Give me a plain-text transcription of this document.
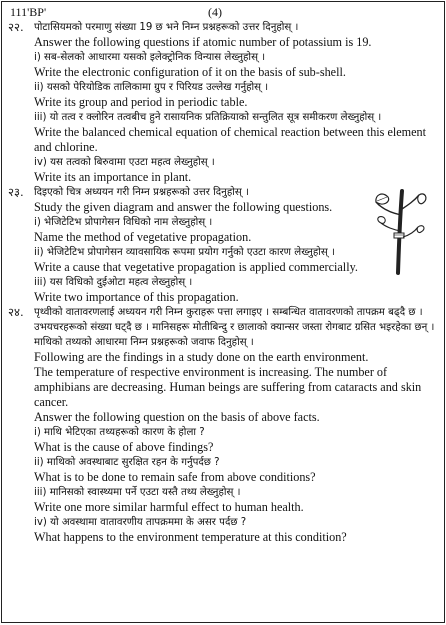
111'BP'	(4)
२२.	पोटासियमको परमाणु संख्या 19 छ भने निम्न प्रश्नहरूको उत्तर दिनुहोस् ।
Answer the following questions if atomic number of potassium is 19.
i) सब-सेलको आधारमा यसको इलेक्ट्रोनिक विन्यास लेख्नुहोस् ।
Write the electronic configuration of it on the basis of sub-shell.
ii) यसको पेरियोडिक तालिकामा ग्रुप र पिरियड उल्लेख गर्नुहोस् ।
Write its group and period in periodic table.
iii) यो तत्व र क्लोरिन तत्वबीच हुने रासायनिक प्रतिक्रियाको सन्तुलित सूत्र समीकरण लेख्नुहोस् ।
Write the balanced chemical equation of chemical reaction between this element and chlorine.
iv) यस तत्वको बिरुवामा एउटा महत्व लेख्नुहोस् ।
Write its an importance in plant.
२३.	दिइएको चित्र अध्ययन गरी निम्न प्रश्नहरूको उत्तर दिनुहोस् ।
Study the given diagram and answer the following questions.
i) भेजिटेटिभ प्रोपागेसन विधिको नाम लेख्नुहोस् ।
Name the method of vegetative propagation.
ii) भेजिटेटिभ प्रोपागेसन व्यावसायिक रूपमा प्रयोग गर्नुको एउटा कारण लेख्नुहोस् ।
Write a cause that vegetative propagation is applied commercially.
iii) यस विधिको दुईओटा महत्व लेख्नुहोस् ।
Write two importance of this propagation.
२४.	पृथ्वीको वातावरणलाई अध्ययन गरी निम्न कुराहरू पत्ता लगाइए । सम्बन्धित वातावरणको तापक्रम बढ्दै छ । उभयचरहरूको संख्या घट्दै छ । मानिसहरू मोतीबिन्दु र छालाको क्यान्सर जस्ता रोगबाट ग्रसित भइरहेका छन् ।
माथिको तथ्यको आधारमा निम्न प्रश्नहरूको जवाफ दिनुहोस् ।
Following are the findings in a study done on the earth environment.
The temperature of respective environment is increasing. The number of amphibians are decreasing. Human beings are suffering from cataracts and skin cancer.
Answer the following question on the basis of above facts.
i) माथि भेटिएका तथ्यहरूको कारण के होला ?
What is the cause of above findings?
ii) माथिको अवस्थाबाट सुरक्षित रहन के गर्नुपर्दछ ?
What is to be done to remain safe from above conditions?
iii) मानिसको स्वास्थ्यमा पर्ने एउटा यस्तै तथ्य लेख्नुहोस् ।
Write one more similar harmful effect to human health.
iv) यो अवस्थामा वातावरणीय तापक्रममा के असर पर्दछ ?
What happens to the environment temperature at this condition?
